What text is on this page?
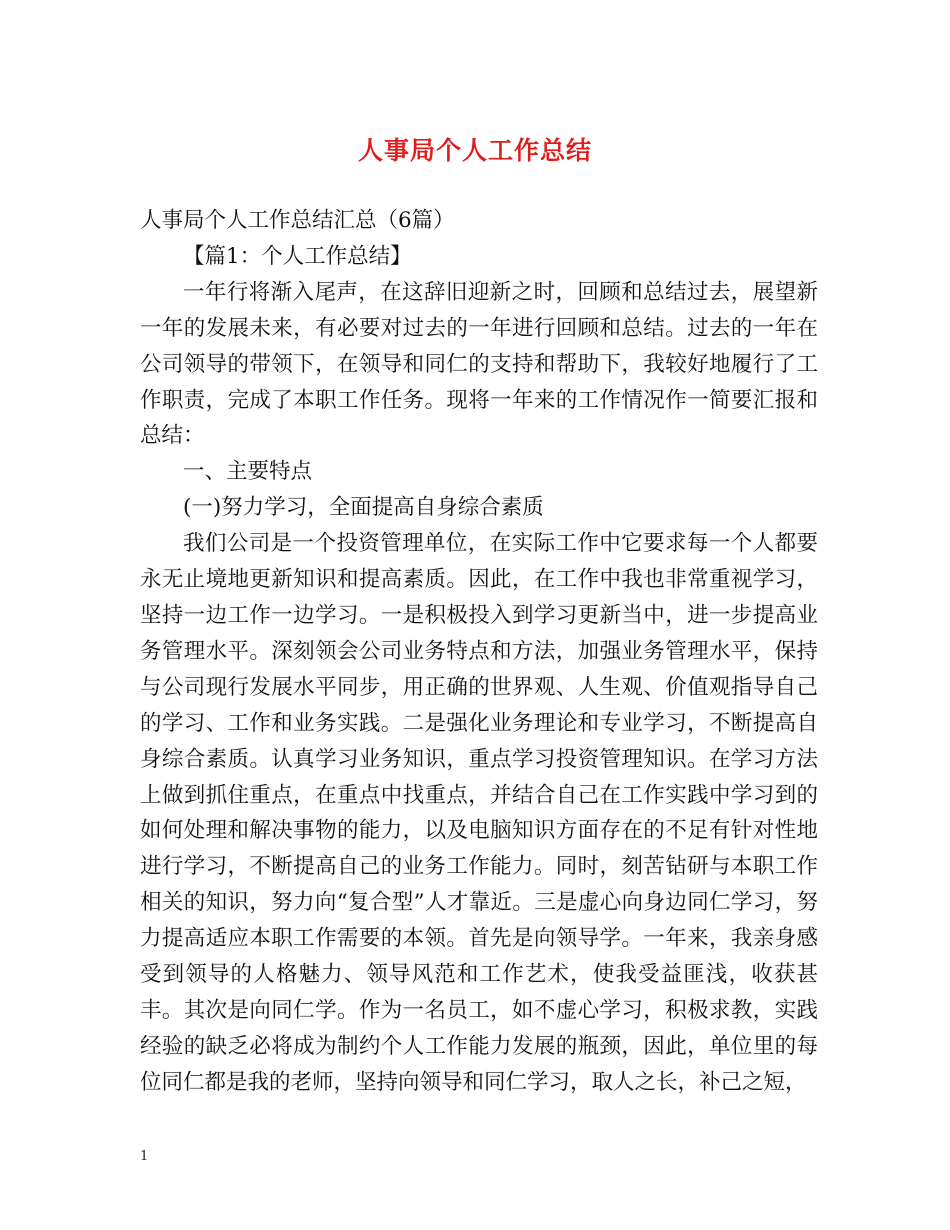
人事局个人工作总结

人事局个人工作总结汇总（6篇）

【篇1：个人工作总结】

一年行将渐入尾声，在这辞旧迎新之时，回顾和总结过去，展望新一年的发展未来，有必要对过去的一年进行回顾和总结。过去的一年在公司领导的带领下，在领导和同仁的支持和帮助下，我较好地履行了工作职责，完成了本职工作任务。现将一年来的工作情况作一简要汇报和总结：

一、主要特点

(一)努力学习，全面提高自身综合素质

我们公司是一个投资管理单位，在实际工作中它要求每一个人都要永无止境地更新知识和提高素质。因此，在工作中我也非常重视学习，坚持一边工作一边学习。一是积极投入到学习更新当中，进一步提高业务管理水平。深刻领会公司业务特点和方法，加强业务管理水平，保持与公司现行发展水平同步，用正确的世界观、人生观、价值观指导自己的学习、工作和业务实践。二是强化业务理论和专业学习，不断提高自身综合素质。认真学习业务知识，重点学习投资管理知识。在学习方法上做到抓住重点，在重点中找重点，并结合自己在工作实践中学习到的如何处理和解决事物的能力，以及电脑知识方面存在的不足有针对性地进行学习，不断提高自己的业务工作能力。同时，刻苦钻研与本职工作相关的知识，努力向“复合型”人才靠近。三是虚心向身边同仁学习，努力提高适应本职工作需要的本领。首先是向领导学。一年来，我亲身感受到领导的人格魅力、领导风范和工作艺术，使我受益匪浅，收获甚丰。其次是向同仁学。作为一名员工，如不虚心学习，积极求教，实践经验的缺乏必将成为制约个人工作能力发展的瓶颈，因此，单位里的每位同仁都是我的老师，坚持向领导和同仁学习，取人之长，补己之短，

1
